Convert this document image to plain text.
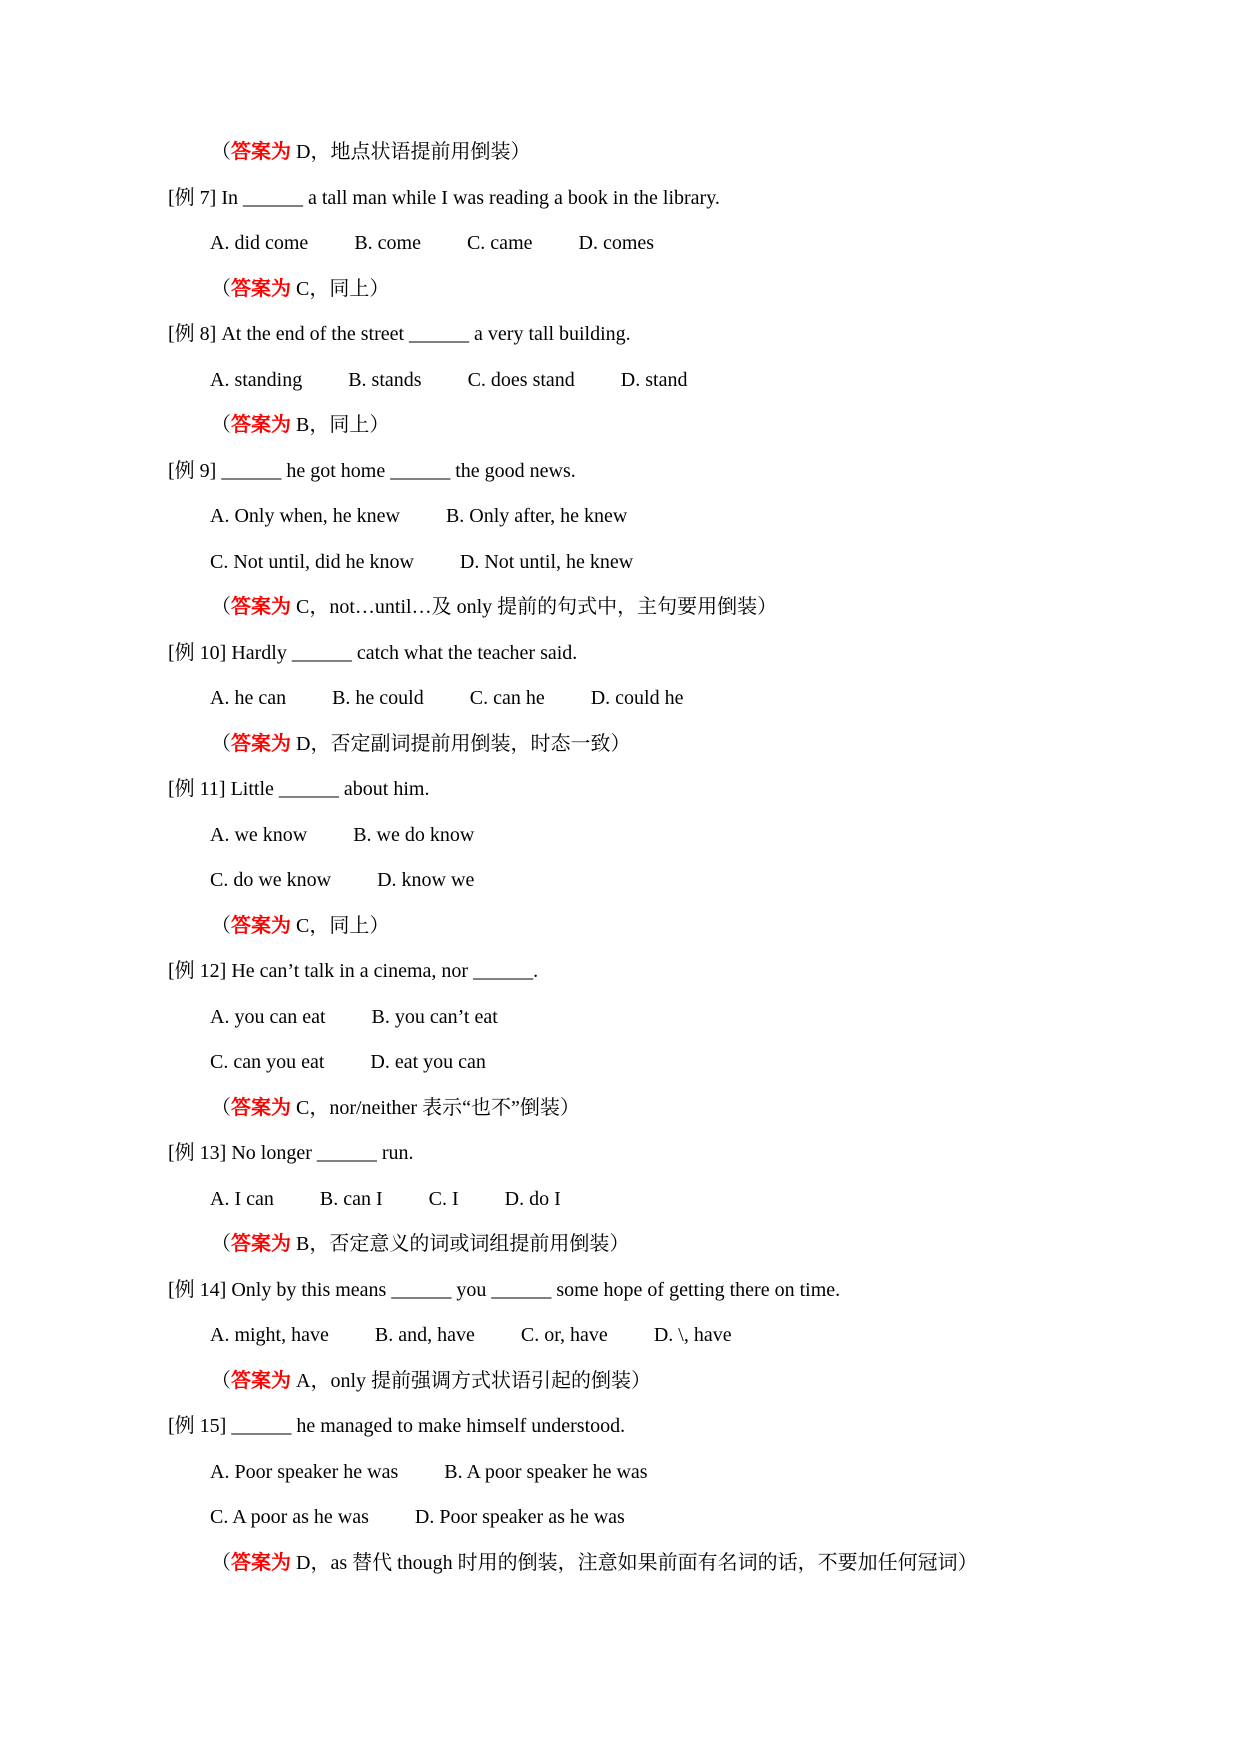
（答案为 D，地点状语提前用倒装）

[例 7] In ______ a tall man while I was reading a book in the library.

A. did come B. come C. came D. comes

（答案为 C，同上）

[例 8] At the end of the street ______ a very tall building.

A. standing B. stands C. does stand D. stand

（答案为 B，同上）

[例 9] ______ he got home ______ the good news.

A. Only when, he knew B. Only after, he knew

C. Not until, did he know D. Not until, he knew

（答案为 C，not…until…及 only 提前的句式中，主句要用倒装）

[例 10] Hardly ______ catch what the teacher said.

A. he can B. he could C. can he D. could he

（答案为 D，否定副词提前用倒装，时态一致）

[例 11] Little ______ about him.

A. we know B. we do know

C. do we know D. know we

（答案为 C，同上）

[例 12] He can’t talk in a cinema, nor ______.

A. you can eat B. you can’t eat

C. can you eat D. eat you can

（答案为 C，nor/neither 表示“也不”倒装）

[例 13] No longer ______ run.

A. I can B. can I C. I D. do I

（答案为 B，否定意义的词或词组提前用倒装）

[例 14] Only by this means ______ you ______ some hope of getting there on time.

A. might, have B. and, have C. or, have D. \, have

（答案为 A，only 提前强调方式状语引起的倒装）

[例 15] ______ he managed to make himself understood.

A. Poor speaker he was B. A poor speaker he was

C. A poor as he was D. Poor speaker as he was

（答案为 D，as 替代 though 时用的倒装，注意如果前面有名词的话，不要加任何冠词）
